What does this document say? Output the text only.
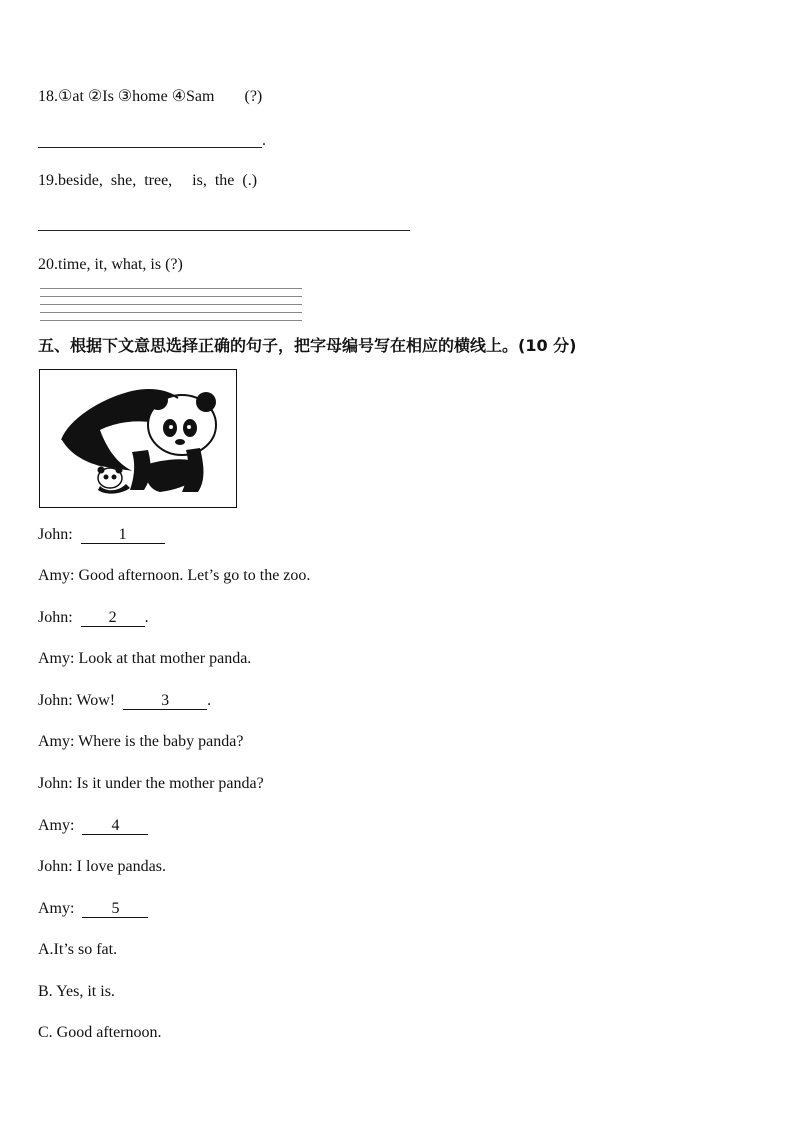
18.①at ②Is ③home ④Sam (?)
.
19.beside,  she,  tree,     is,  the  (.)
20.time, it, what, is (?)
五、根据下文意思选择正确的句子，把字母编号写在相应的横线上。(10 分)
John:	1
Amy: Good afternoon. Let’s go to the zoo.
John: 2 .
Amy: Look at that mother panda.
John: Wow!	3 .
Amy: Where is the baby panda?
John: Is it under the mother panda?
Amy: 4
John: I love pandas.
Amy: 5
A.It’s so fat.
B. Yes, it is.
C. Good afternoon.
